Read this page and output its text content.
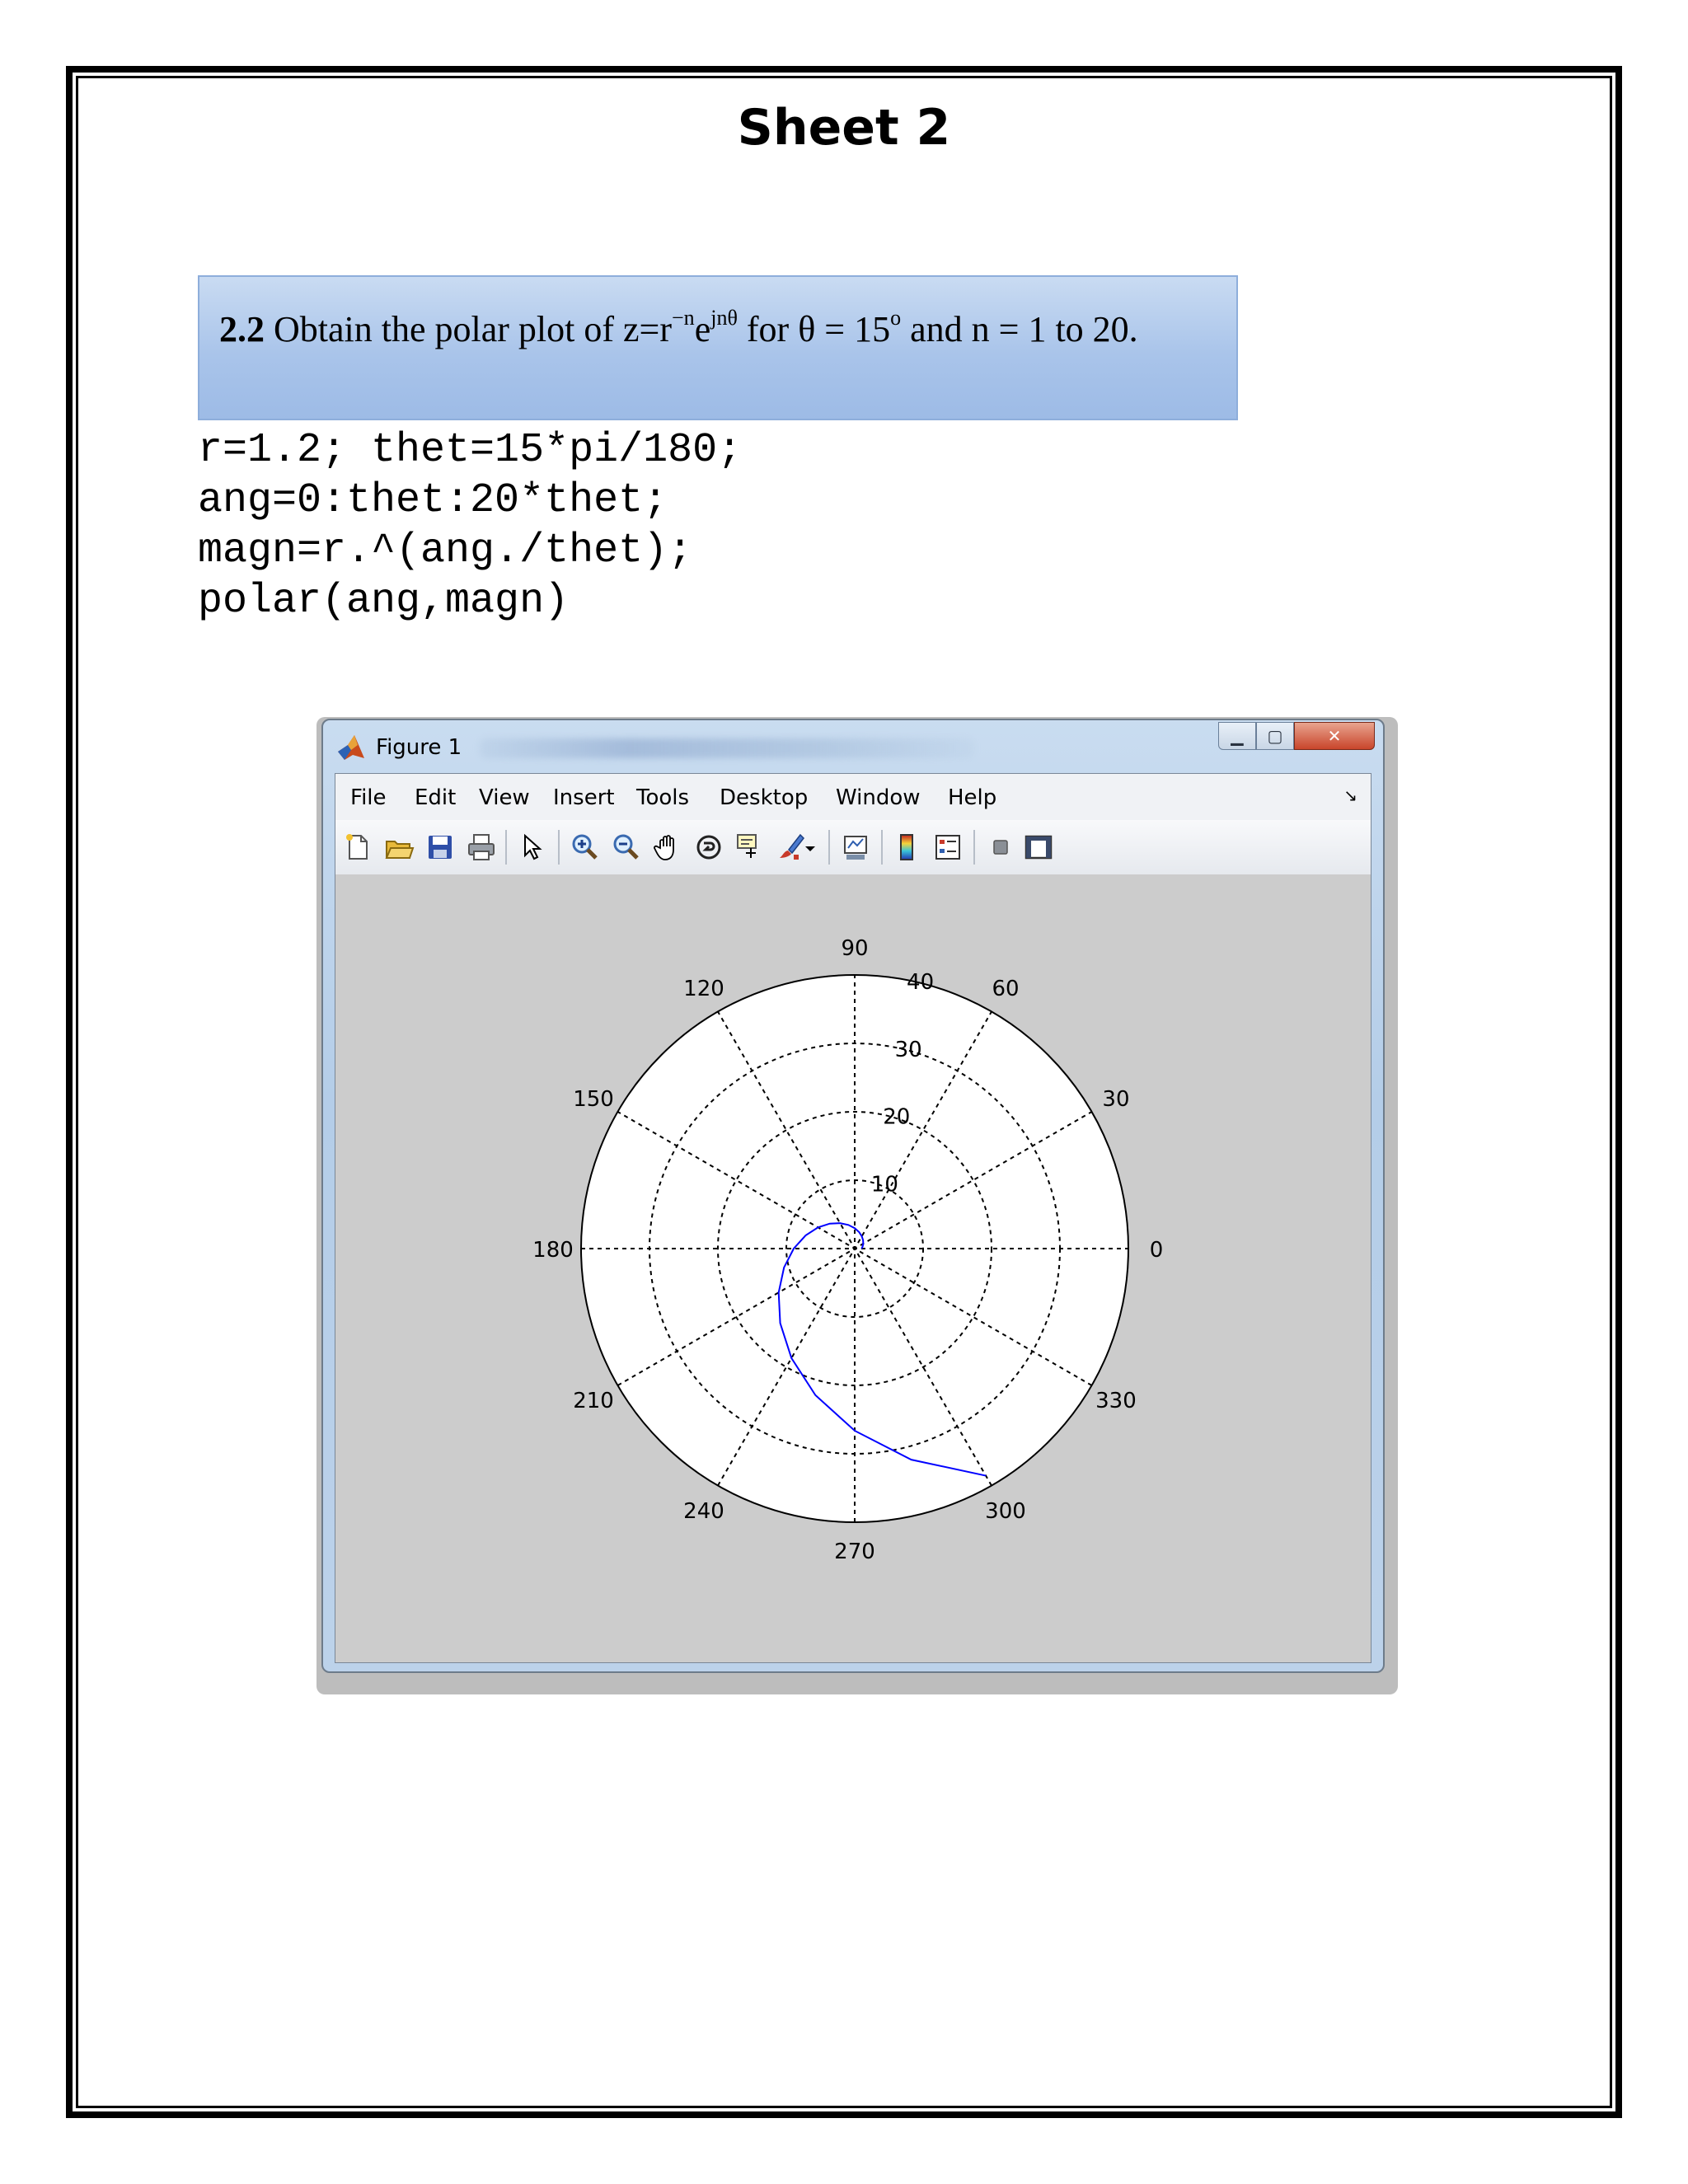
Sheet 2
2.2 Obtain the polar plot of $z=r^{-n}e^{jn\theta}$ for $\theta = 15^o$ and n = 1 to 20.
r=1.2; thet=15*pi/180;
ang=0:thet:20*thet;
magn=r.^(ang./thet);
polar(ang,magn)
Figure 1	▁ ▢	✕
File Edit View Insert Tools Desktop Window Help	↘
10
20
30
40
0
30
60
90
120
150
180
210
240
270
300
330
